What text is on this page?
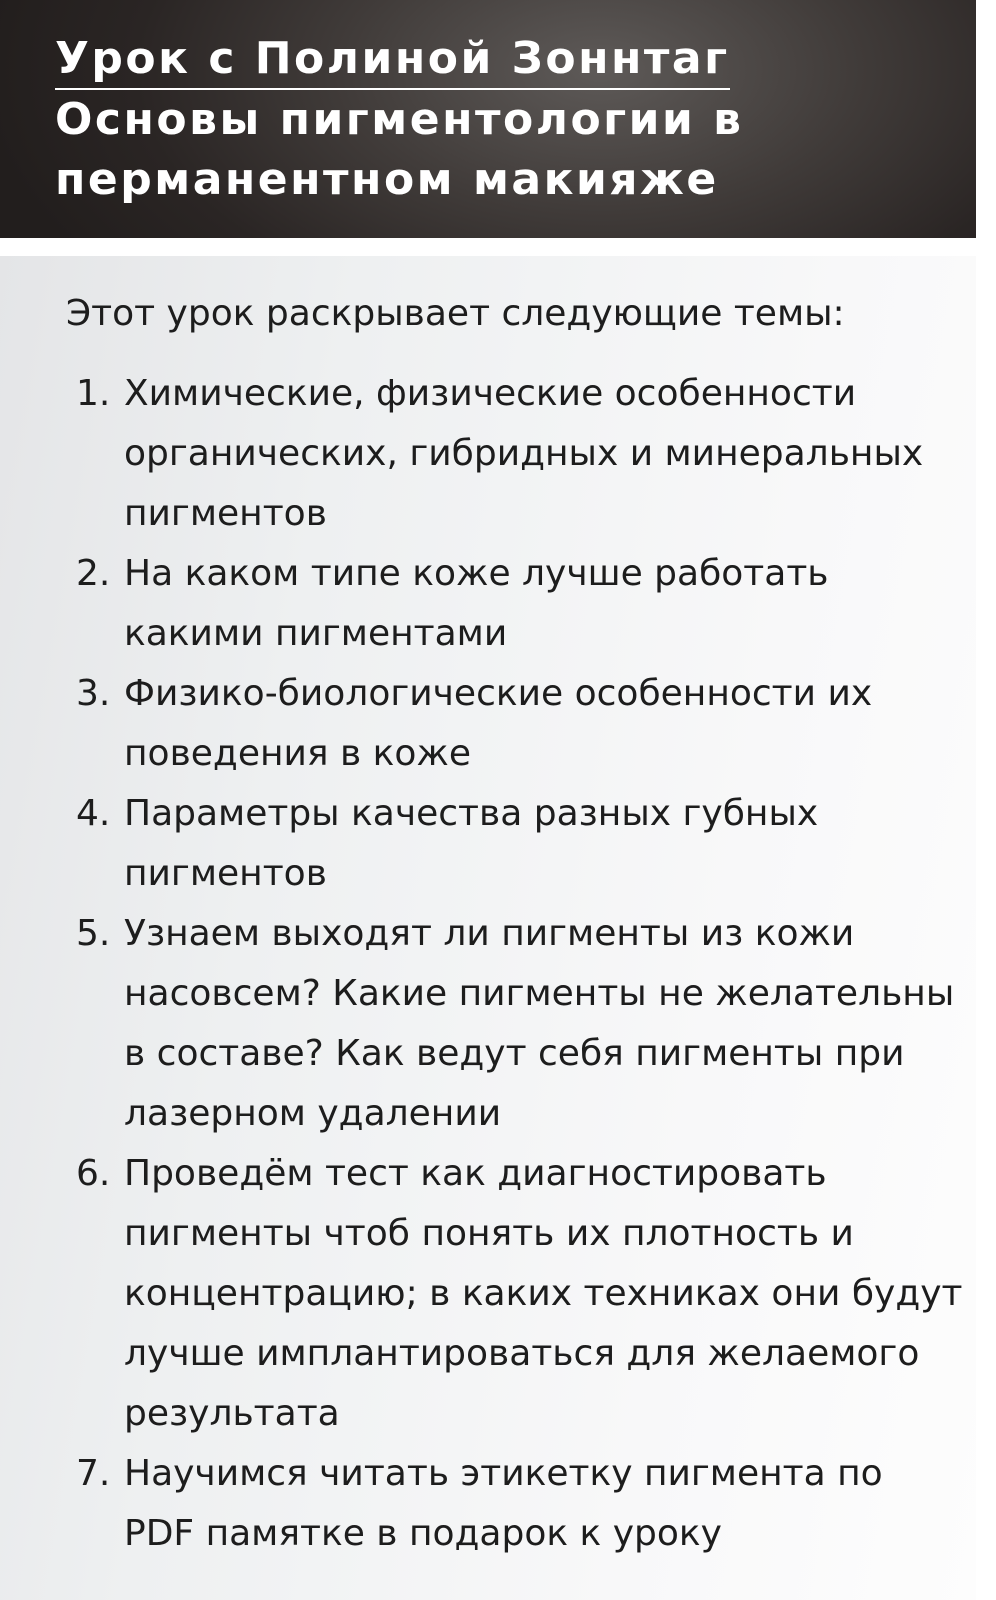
Урок с Полиной Зоннтаг
Основы пигментологии в
перманентном макияже
Этот урок раскрывает следующие темы:
1. Химические, физические особенности органических, гибридных и минеральных пигментов
2. На каком типе коже лучше работать какими пигментами
3. Физико-биологические особенности их поведения в коже
4. Параметры качества разных губных пигментов
5. Узнаем выходят ли пигменты из кожи насовсем? Какие пигменты не желательны в составе? Как ведут себя пигменты при лазерном удалении
6. Проведём тест как диагностировать пигменты чтоб понять их плотность и концентрацию; в каких техниках они будут лучше имплантироваться для желаемого результата
7. Научимся читать этикетку пигмента по PDF памятке в подарок к уроку
